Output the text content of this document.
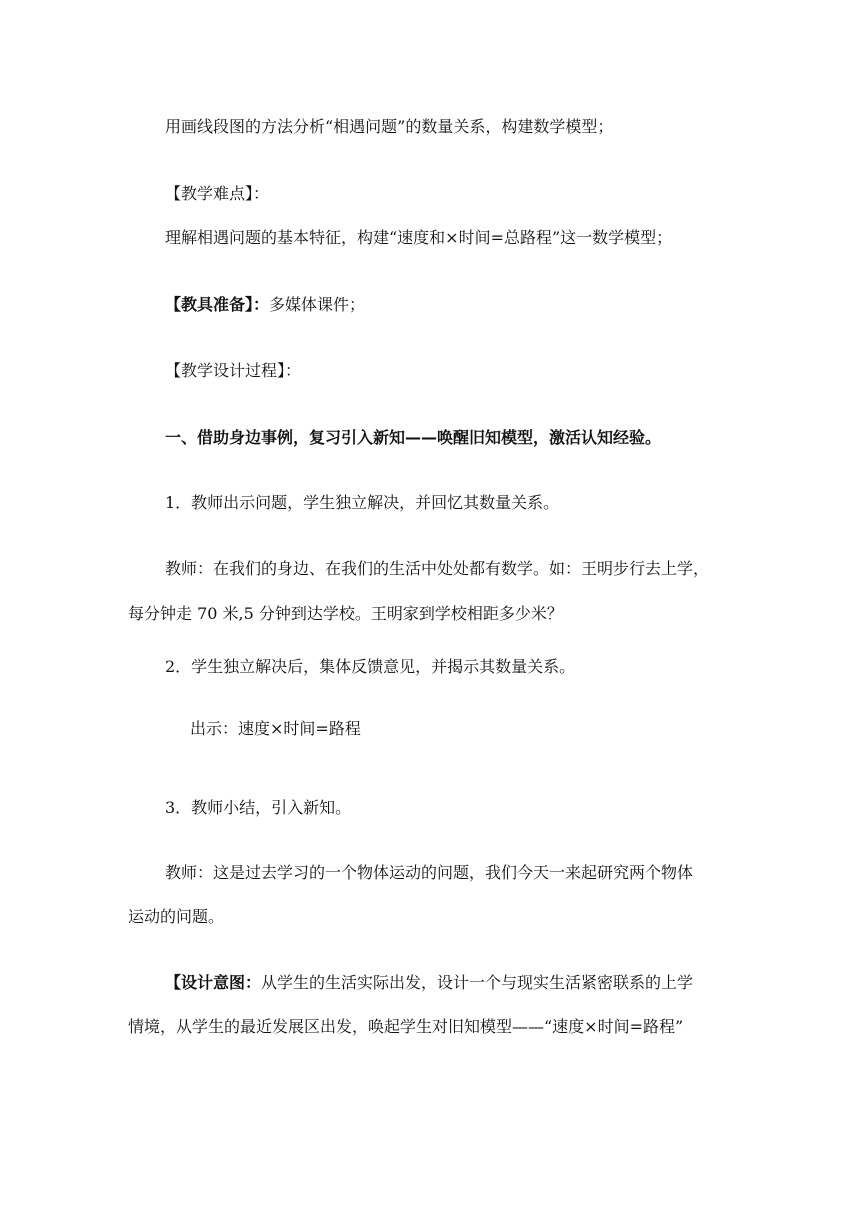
用画线段图的方法分析“相遇问题”的数量关系，构建数学模型；
【教学难点】：
理解相遇问题的基本特征，构建“速度和×时间=总路程”这一数学模型；
【教具准备】：多媒体课件；
【教学设计过程】：
一、借助身边事例，复习引入新知——唤醒旧知模型，激活认知经验。
1．教师出示问题，学生独立解决，并回忆其数量关系。
教师：在我们的身边、在我们的生活中处处都有数学。如：王明步行去上学，
每分钟走 70 米,5 分钟到达学校。王明家到学校相距多少米？
2．学生独立解决后，集体反馈意见，并揭示其数量关系。
出示：速度×时间=路程
3．教师小结，引入新知。
教师：这是过去学习的一个物体运动的问题，我们今天一来起研究两个物体
运动的问题。
【设计意图：从学生的生活实际出发，设计一个与现实生活紧密联系的上学
情境，从学生的最近发展区出发，唤起学生对旧知模型——“速度×时间=路程”
